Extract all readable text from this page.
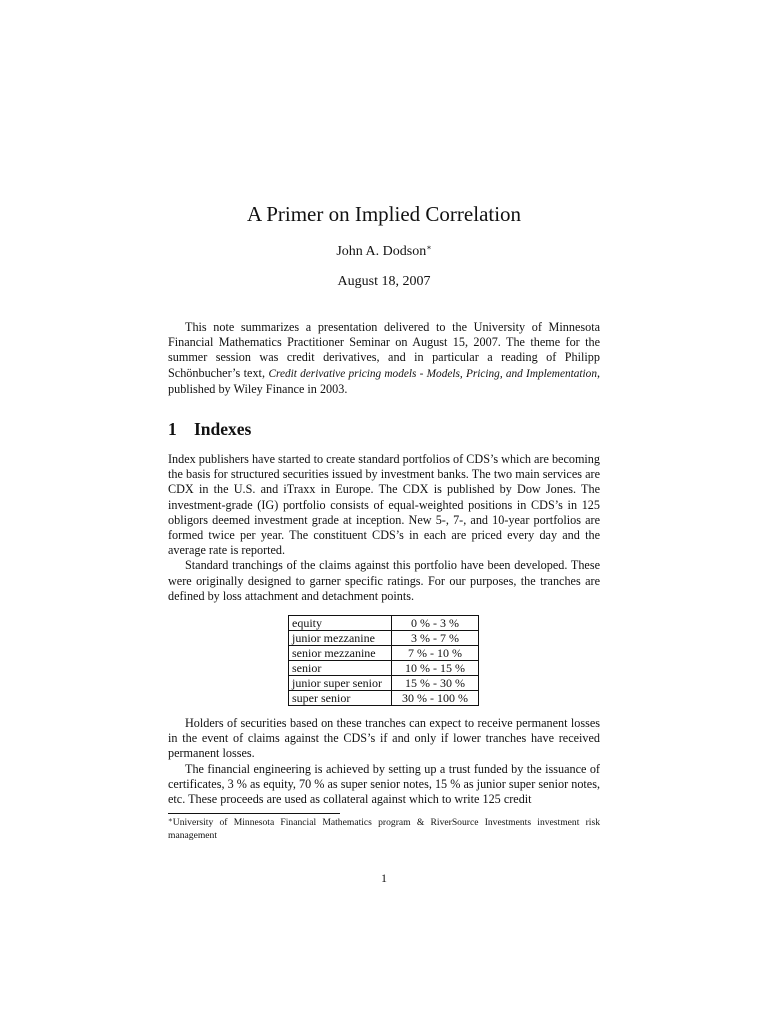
A Primer on Implied Correlation
John A. Dodson∗
August 18, 2007

This note summarizes a presentation delivered to the University of Minnesota Financial Mathematics Practitioner Seminar on August 15, 2007. The theme for the summer session was credit derivatives, and in particular a reading of Philipp Schönbucher’s text, Credit derivative pricing models - Models, Pricing, and Implementation, published by Wiley Finance in 2003.

1 Indexes

Index publishers have started to create standard portfolios of CDS’s which are becoming the basis for structured securities issued by investment banks. The two main services are CDX in the U.S. and iTraxx in Europe. The CDX is published by Dow Jones. The investment-grade (IG) portfolio consists of equal-weighted positions in CDS’s in 125 obligors deemed investment grade at inception. New 5-, 7-, and 10-year portfolios are formed twice per year. The constituent CDS’s in each are priced every day and the average rate is reported.

Standard tranchings of the claims against this portfolio have been developed. These were originally designed to garner specific ratings. For our purposes, the tranches are defined by loss attachment and detachment points.

equity	0 % - 3 %
junior mezzanine	3 % - 7 %
senior mezzanine	7 % - 10 %
senior	10 % - 15 %
junior super senior	15 % - 30 %
super senior	30 % - 100 %

Holders of securities based on these tranches can expect to receive permanent losses in the event of claims against the CDS’s if and only if lower tranches have received permanent losses.

The financial engineering is achieved by setting up a trust funded by the issuance of certificates, 3 % as equity, 70 % as super senior notes, 15 % as junior super senior notes, etc. These proceeds are used as collateral against which to write 125 credit

∗University of Minnesota Financial Mathematics program & RiverSource Investments investment risk management
1
